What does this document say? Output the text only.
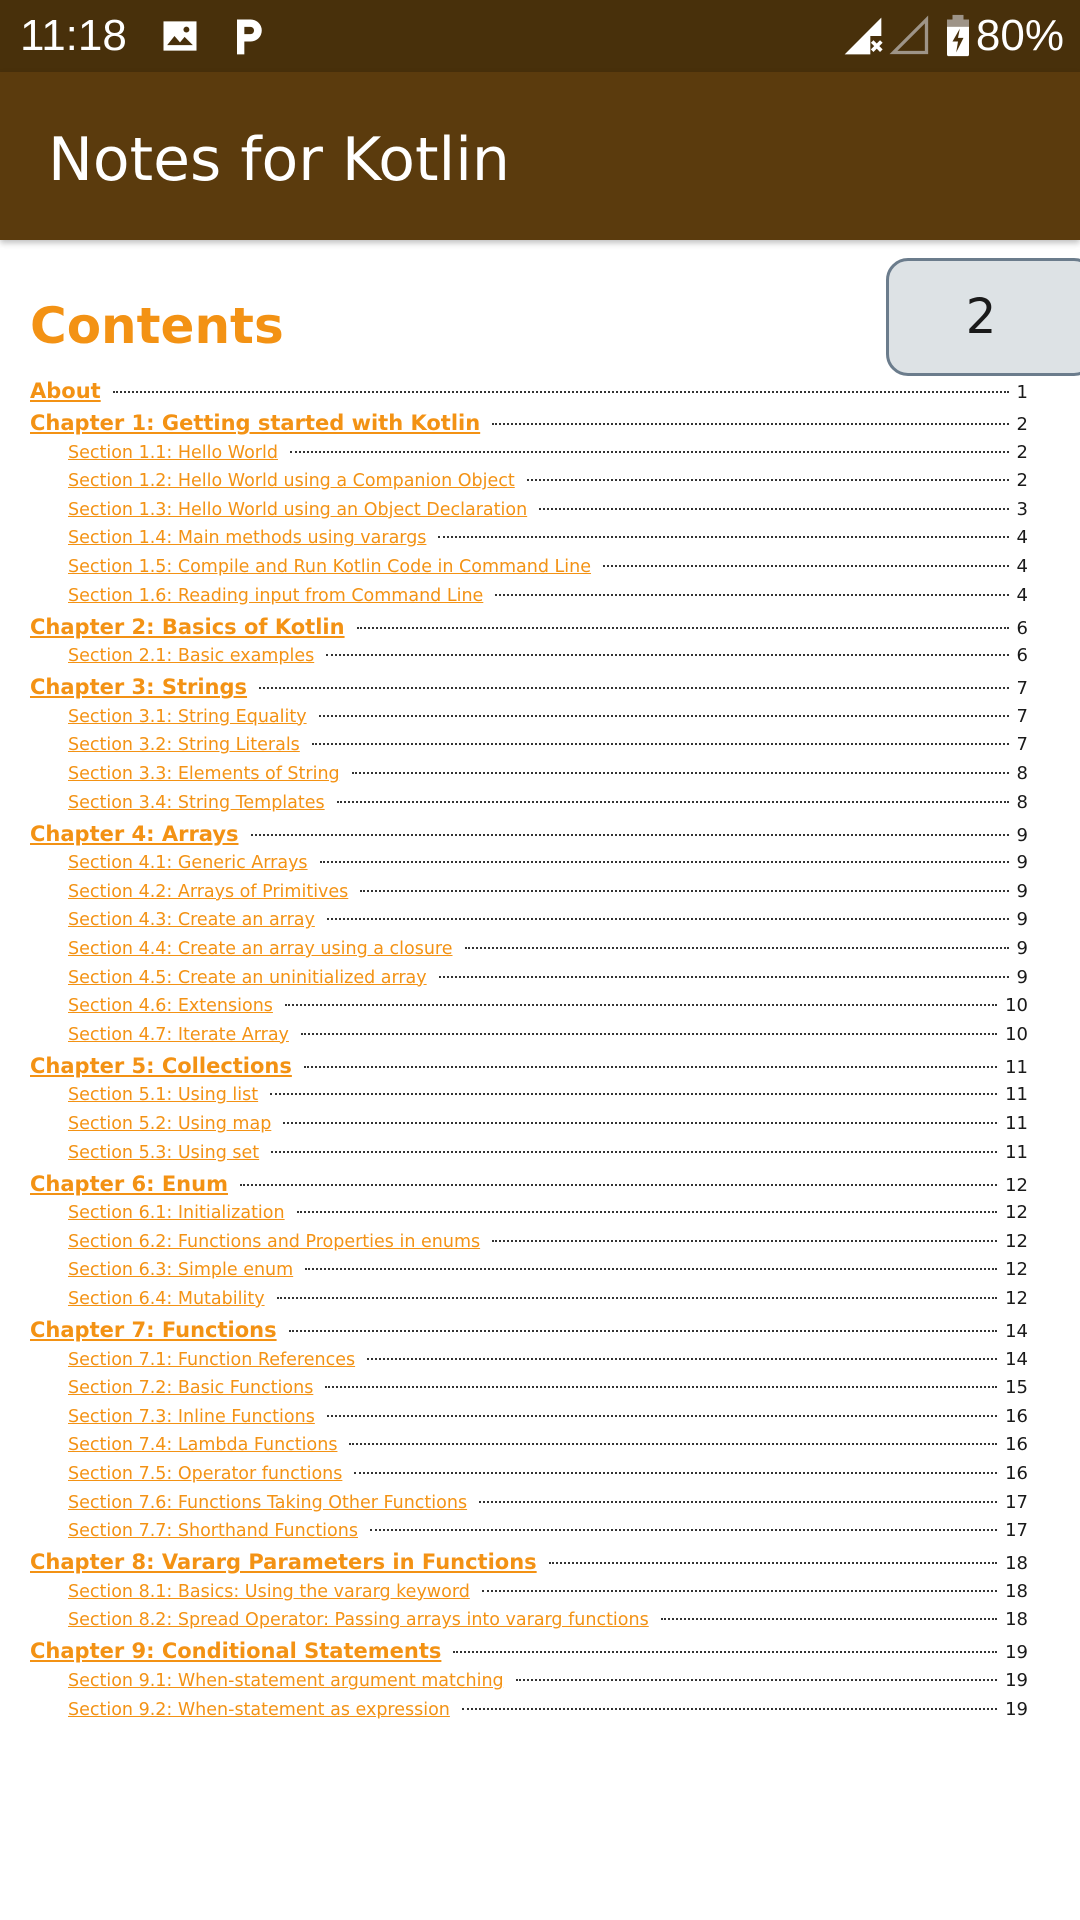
11:18	80%
Notes for Kotlin
Contents	2
About	1
Chapter 1: Getting started with Kotlin	2
Section 1.1: Hello World	2
Section 1.2: Hello World using a Companion Object	2
Section 1.3: Hello World using an Object Declaration	3
Section 1.4: Main methods using varargs	4
Section 1.5: Compile and Run Kotlin Code in Command Line	4
Section 1.6: Reading input from Command Line	4
Chapter 2: Basics of Kotlin	6
Section 2.1: Basic examples	6
Chapter 3: Strings	7
Section 3.1: String Equality	7
Section 3.2: String Literals	7
Section 3.3: Elements of String	8
Section 3.4: String Templates	8
Chapter 4: Arrays	9
Section 4.1: Generic Arrays	9
Section 4.2: Arrays of Primitives	9
Section 4.3: Create an array	9
Section 4.4: Create an array using a closure	9
Section 4.5: Create an uninitialized array	9
Section 4.6: Extensions	10
Section 4.7: Iterate Array	10
Chapter 5: Collections	11
Section 5.1: Using list	11
Section 5.2: Using map	11
Section 5.3: Using set	11
Chapter 6: Enum	12
Section 6.1: Initialization	12
Section 6.2: Functions and Properties in enums	12
Section 6.3: Simple enum	12
Section 6.4: Mutability	12
Chapter 7: Functions	14
Section 7.1: Function References	14
Section 7.2: Basic Functions	15
Section 7.3: Inline Functions	16
Section 7.4: Lambda Functions	16
Section 7.5: Operator functions	16
Section 7.6: Functions Taking Other Functions	17
Section 7.7: Shorthand Functions	17
Chapter 8: Vararg Parameters in Functions	18
Section 8.1: Basics: Using the vararg keyword	18
Section 8.2: Spread Operator: Passing arrays into vararg functions	18
Chapter 9: Conditional Statements	19
Section 9.1: When-statement argument matching	19
Section 9.2: When-statement as expression	19
